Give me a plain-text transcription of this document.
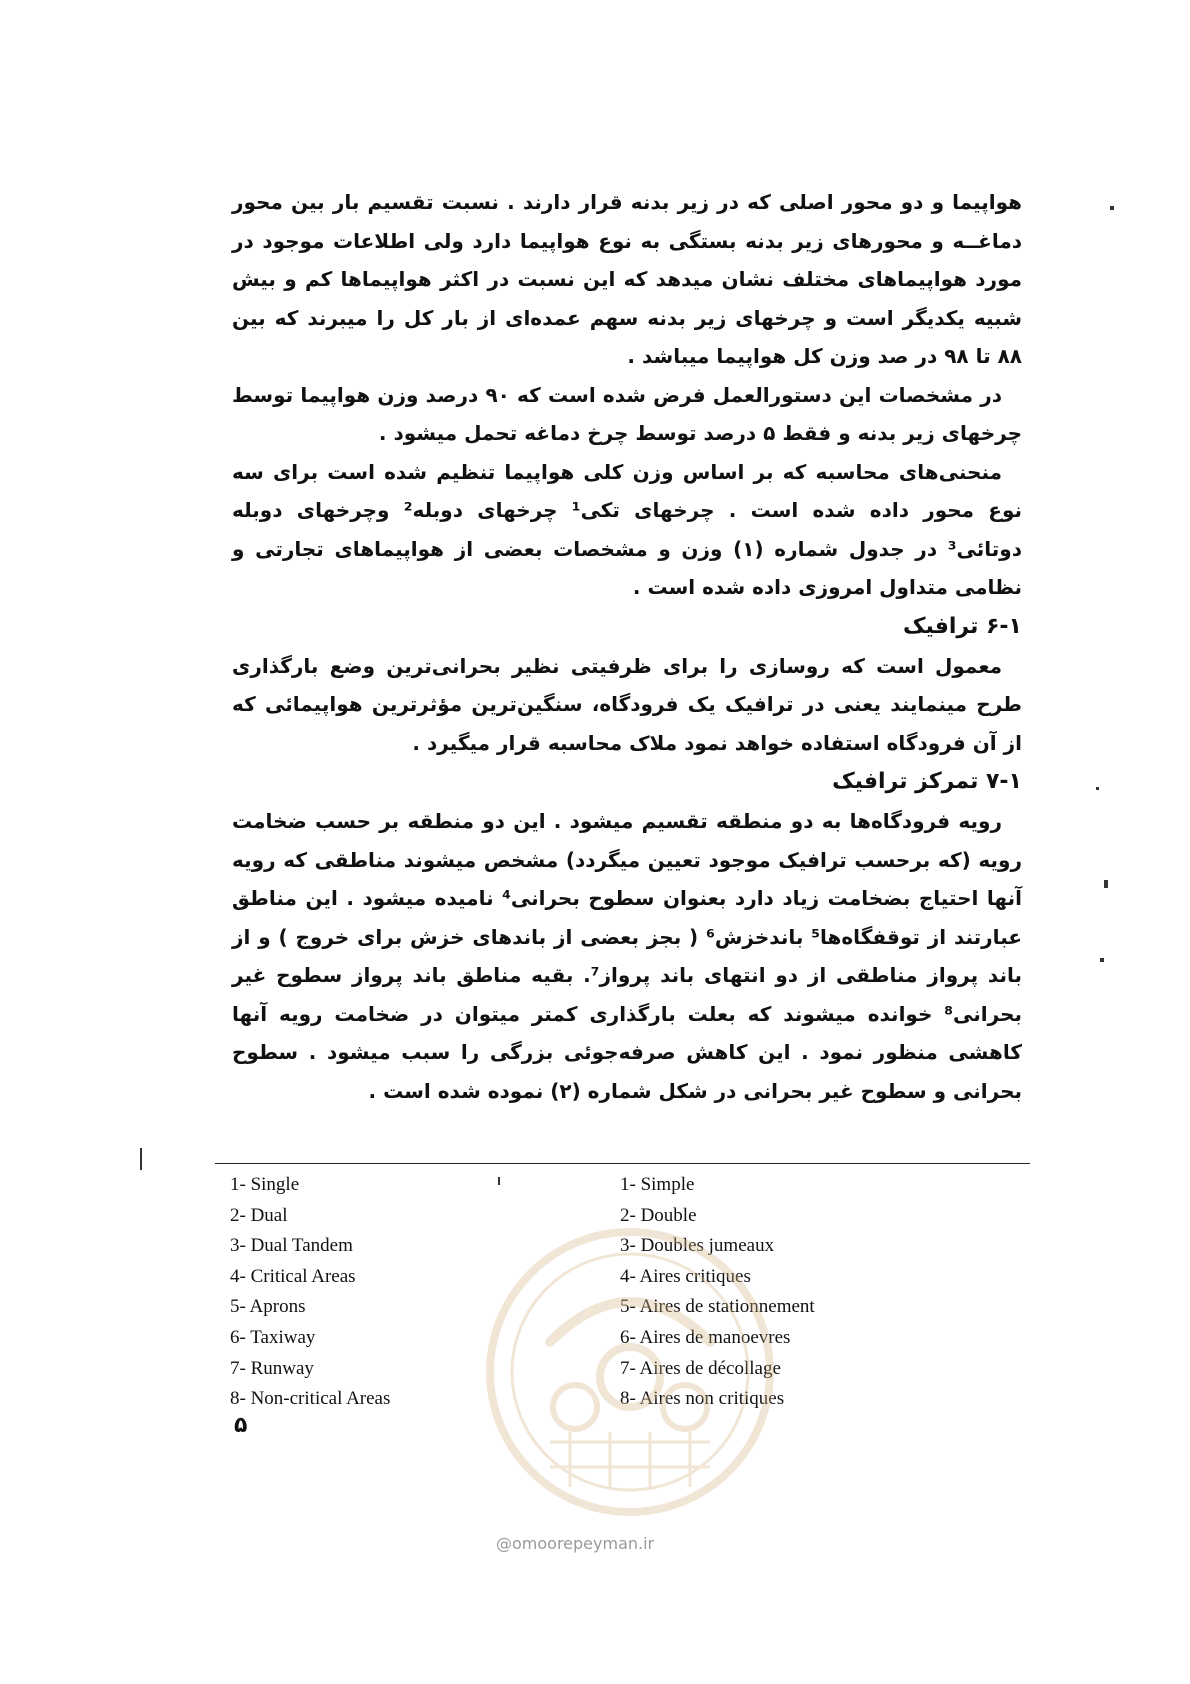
هواپیما و دو محور اصلی که در زیر بدنه قرار دارند . نسبت تقسیم بار بین محور دماغــه و محورهای زیر بدنه بستگی به نوع هواپیما دارد ولی اطلاعات موجود در مورد هواپیماهای مختلف نشان میدهد که این نسبت در اکثر هواپیماها کم و بیش شبیه یکدیگر است و چرخهای زیر بدنه سهم عمده‌ای از بار کل را میبرند که بین ۸۸ تا ۹۸ در صد وزن کل هواپیما میباشد .

در مشخصات این دستورالعمل فرض شده است که ۹۰ درصد وزن هواپیما توسط چرخهای زیر بدنه و فقط ۵ درصد توسط چرخ دماغه تحمل میشود .

منحنی‌های محاسبه که بر اساس وزن کلی هواپیما تنظیم شده است برای سه نوع محور داده شده است . چرخهای تکی¹ چرخهای دوبله² وچرخهای دوبله دوتائی³ در جدول شماره (۱) وزن و مشخصات بعضی از هواپیماهای تجارتی و نظامی متداول امروزی داده شده است .

۶-۱ ترافیک

معمول است که روسازی را برای ظرفیتی نظیر بحرانی‌ترین وضع بارگذاری طرح مینمایند یعنی در ترافیک یک فرودگاه، سنگین‌ترین مؤثرترین هواپیمائی که از آن فرودگاه استفاده خواهد نمود ملاک محاسبه قرار میگیرد .

۷-۱ تمرکز ترافیک

رویه فرودگاه‌ها به دو منطقه تقسیم میشود . این دو منطقه بر حسب ضخامت رویه (که برحسب ترافیک موجود تعیین میگردد) مشخص میشوند مناطقی که رویه آنها احتیاج بضخامت زیاد دارد بعنوان سطوح بحرانی⁴ نامیده میشود . این مناطق عبارتند از توقفگاه‌ها⁵ باندخزش⁶ ( بجز بعضی از باندهای خزش برای خروج ) و از باند پرواز مناطقی از دو انتهای باند پرواز⁷. بقیه مناطق باند پرواز سطوح غیر بحرانی⁸ خوانده میشوند که بعلت بارگذاری کمتر میتوان در ضخامت رویه آنها کاهشی منظور نمود . این کاهش صرفه‌جوئی بزرگی را سبب میشود . سطوح بحرانی و سطوح غیر بحرانی در شکل شماره (۲) نموده شده است .

1- Single
2- Dual
3- Dual Tandem
4- Critical Areas
5- Aprons
6- Taxiway
7- Runway
8- Non-critical Areas
1- Simple
2- Double
3- Doubles jumeaux
4- Aires critiques
5- Aires de stationnement
6- Aires de manoevres
7- Aires de décollage
8- Aires non critiques
۵
@omoorepeyman.ir
